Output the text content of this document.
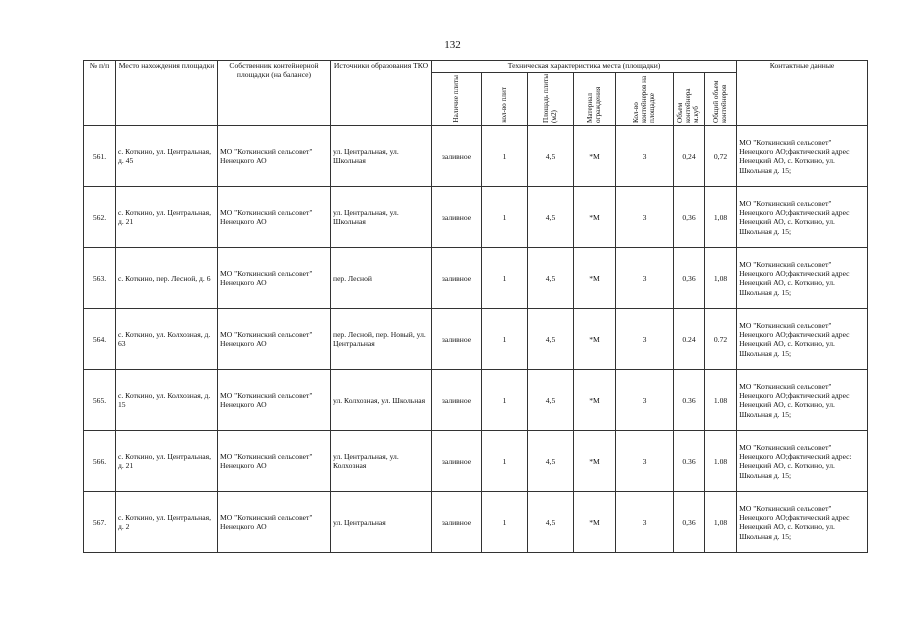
132
№ п/п	Место нахождения площадки	Собственник контейнерной площадки (на балансе)	Источники образования ТКО	Техническая характеристика места (площадки)							Контактные данные
				Наличие плиты	кол-во плит	Площадь плиты (м2)	Материал ограждения	Кол-во контейнеров на площадке	Объем контейнера м.куб	Общий объем контейнеров	
561.	с. Коткино, ул. Центральная, д. 45	МО "Коткинский сельсовет" Ненецкого АО	ул. Центральная, ул. Школьная	заливное	1	4,5	*М	3	0,24	0,72	МО "Коткинский сельсовет" Ненецкого АО;фактический адрес Ненецкий АО, с. Коткино, ул. Школьная д. 15;
562.	с. Коткино, ул. Центральная, д. 21	МО "Коткинский сельсовет" Ненецкого АО	ул. Центральная, ул. Школьная	заливное	1	4,5	*М	3	0,36	1,08	МО "Коткинский сельсовет" Ненецкого АО;фактический адрес Ненецкий АО, с. Коткино, ул. Школьная д. 15;
563.	с. Коткино, пер. Лесной, д. 6	МО "Коткинский сельсовет" Ненецкого АО	пер. Лесной	заливное	1	4,5	*М	3	0,36	1,08	МО "Коткинский сельсовет" Ненецкого АО;фактический адрес Ненецкий АО, с. Коткино, ул. Школьная д. 15;
564.	с. Коткино, ул. Колхозная, д. 63	МО "Коткинский сельсовет" Ненецкого АО	пер. Лесной, пер. Новый, ул. Центральная	заливное	1	4,5	*М	3	0.24	0.72	МО "Коткинский сельсовет" Ненецкого АО;фактический адрес Ненецкий АО, с. Коткино, ул. Школьная д. 15;
565.	с. Коткино, ул. Колхозная, д. 15	МО "Коткинский сельсовет" Ненецкого АО	ул. Колхозная, ул. Школьная	заливное	1	4,5	*М	3	0.36	1.08	МО "Коткинский сельсовет" Ненецкого АО;фактический адрес Ненецкий АО, с. Коткино, ул. Школьная д. 15;
566.	с. Коткино, ул. Центральная, д. 21	МО "Коткинский сельсовет" Ненецкого АО	ул. Центральная, ул. Колхозная	заливное	1	4,5	*М	3	0.36	1.08	МО "Коткинский сельсовет" Ненецкого АО;фактический адрес: Ненецкий АО, с. Коткино, ул. Школьная д. 15;
567.	с. Коткино, ул. Центральная, д. 2	МО "Коткинский сельсовет" Ненецкого АО	ул. Центральная	заливное	1	4,5	*М	3	0,36	1,08	МО "Коткинский сельсовет" Ненецкого АО;фактический адрес Ненецкий АО, с. Коткино, ул. Школьная д. 15;
